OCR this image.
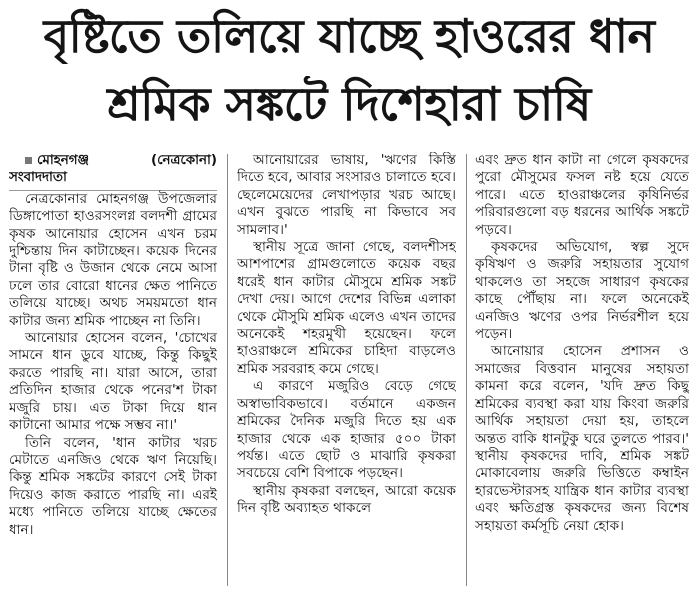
বৃষ্টিতে তলিয়ে যাচ্ছে হাওরের ধান
শ্রমিক সঙ্কটে দিশেহারা চাষি

মোহনগঞ্জ (নেত্রকোনা) সংবাদদাতা

নেত্রকোনার মোহনগঞ্জ উপজেলার ডিঙ্গাপোতা হাওরসংলগ্ন বলদশী গ্রামের কৃষক আনোয়ার হোসেন এখন চরম দুশ্চিন্তায় দিন কাটাচ্ছেন। কয়েক দিনের টানা বৃষ্টি ও উজান থেকে নেমে আসা ঢলে তার বোরো ধানের ক্ষেত পানিতে তলিয়ে যাচ্ছে। অথচ সময়মতো ধান কাটার জন্য শ্রমিক পাচ্ছেন না তিনি।

আনোয়ার হোসেন বলেন, 'চোখের সামনে ধান ডুবে যাচ্ছে, কিন্তু কিছুই করতে পারছি না। যারা আসে, তারা প্রতিদিন হাজার থেকে পনের'শ টাকা মজুরি চায়। এত টাকা দিয়ে ধান কাটানো আমার পক্ষে সম্ভব না।'

তিনি বলেন, 'ধান কাটার খরচ মেটাতে এনজিও থেকে ঋণ নিয়েছি। কিন্তু শ্রমিক সঙ্কটের কারণে সেই টাকা দিয়েও কাজ করাতে পারছি না। এরই মধ্যে পানিতে তলিয়ে যাচ্ছে ক্ষেতের ধান।

আনোয়ারের ভাষায়, 'ঋণের কিস্তি দিতে হবে, আবার সংসারও চালাতে হবে। ছেলেমেয়েদের লেখাপড়ার খরচ আছে। এখন বুঝতে পারছি না কিভাবে সব সামলাব।'

স্থানীয় সূত্রে জানা গেছে, বলদশীসহ আশপাশের গ্রামগুলোতে কয়েক বছর ধরেই ধান কাটার মৌসুমে শ্রমিক সঙ্কট দেখা দেয়। আগে দেশের বিভিন্ন এলাকা থেকে মৌসুমি শ্রমিক এলেও এখন তাদের অনেকেই শহরমুখী হয়েছেন। ফলে হাওরাঞ্চলে শ্রমিকের চাহিদা বাড়লেও শ্রমিক সরবরাহ কমে গেছে।

এ কারণে মজুরিও বেড়ে গেছে অস্বাভাবিকভাবে। বর্তমানে একজন শ্রমিকের দৈনিক মজুরি দিতে হয় এক হাজার থেকে এক হাজার ৫০০ টাকা পর্যন্ত। এতে ছোট ও মাঝারি কৃষকরা সবচেয়ে বেশি বিপাকে পড়ছেন।

স্থানীয় কৃষকরা বলছেন, আরো কয়েক দিন বৃষ্টি অব্যাহত থাকলে

এবং দ্রুত ধান কাটা না গেলে কৃষকদের পুরো মৌসুমের ফসল নষ্ট হয়ে যেতে পারে। এতে হাওরাঞ্চলের কৃষিনির্ভর পরিবারগুলো বড় ধরনের আর্থিক সঙ্কটে পড়বে।

কৃষকদের অভিযোগ, স্বল্প সুদে কৃষিঋণ ও জরুরি সহায়তার সুযোগ থাকলেও তা সহজে সাধারণ কৃষকের কাছে পৌঁছায় না। ফলে অনেকেই এনজিও ঋণের ওপর নির্ভরশীল হয়ে পড়েন।

আনোয়ার হোসেন প্রশাসন ও সমাজের বিত্তবান মানুষের সহায়তা কামনা করে বলেন, 'যদি দ্রুত কিছু শ্রমিকের ব্যবস্থা করা যায় কিংবা জরুরি আর্থিক সহায়তা দেয়া হয়, তাহলে অন্তত বাকি ধানটুকু ঘরে তুলতে পারব।' স্থানীয় কৃষকদের দাবি, শ্রমিক সঙ্কট মোকাবেলায় জরুরি ভিত্তিতে কম্বাইন হারভেস্টারসহ যান্ত্রিক ধান কাটার ব্যবস্থা এবং ক্ষতিগ্রস্ত কৃষকদের জন্য বিশেষ সহায়তা কর্মসূচি নেয়া হোক।
